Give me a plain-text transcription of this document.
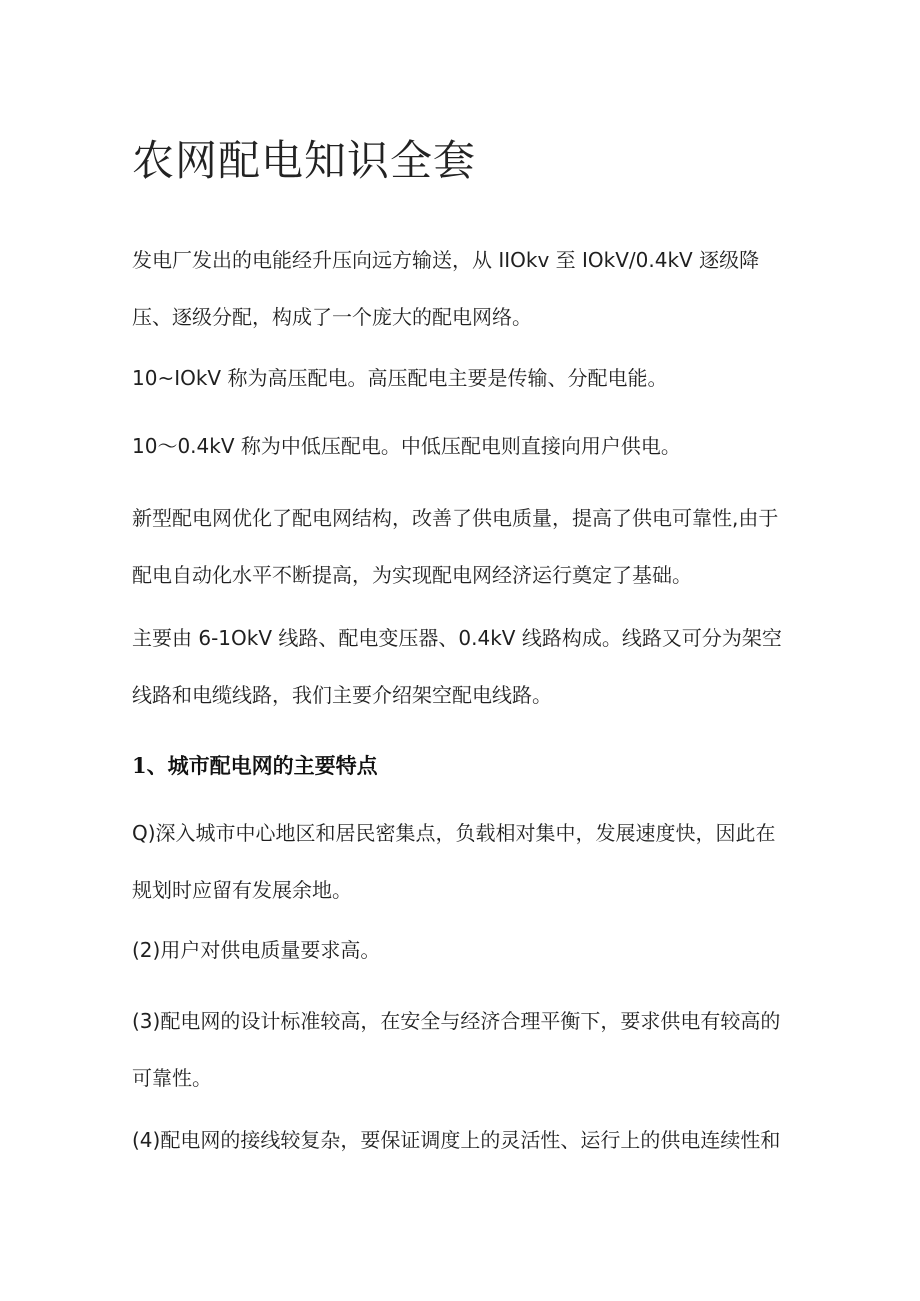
农网配电知识全套

发电厂发出的电能经升压向远方输送，从 IIOkv 至 IOkV/0.4kV 逐级降
压、逐级分配，构成了一个庞大的配电网络。

10~IOkV 称为高压配电。高压配电主要是传输、分配电能。

10〜0.4kV 称为中低压配电。中低压配电则直接向用户供电。

新型配电网优化了配电网结构，改善了供电质量，提高了供电可靠性,由于
配电自动化水平不断提高，为实现配电网经济运行奠定了基础。

主要由 6-1OkV 线路、配电变压器、0.4kV 线路构成。线路又可分为架空
线路和电缆线路，我们主要介绍架空配电线路。

1、城市配电网的主要特点

Q)深入城市中心地区和居民密集点，负载相对集中，发展速度快，因此在
规划时应留有发展余地。

(2)用户对供电质量要求高。

(3)配电网的设计标准较高，在安全与经济合理平衡下，要求供电有较高的
可靠性。

(4)配电网的接线较复杂，要保证调度上的灵活性、运行上的供电连续性和
